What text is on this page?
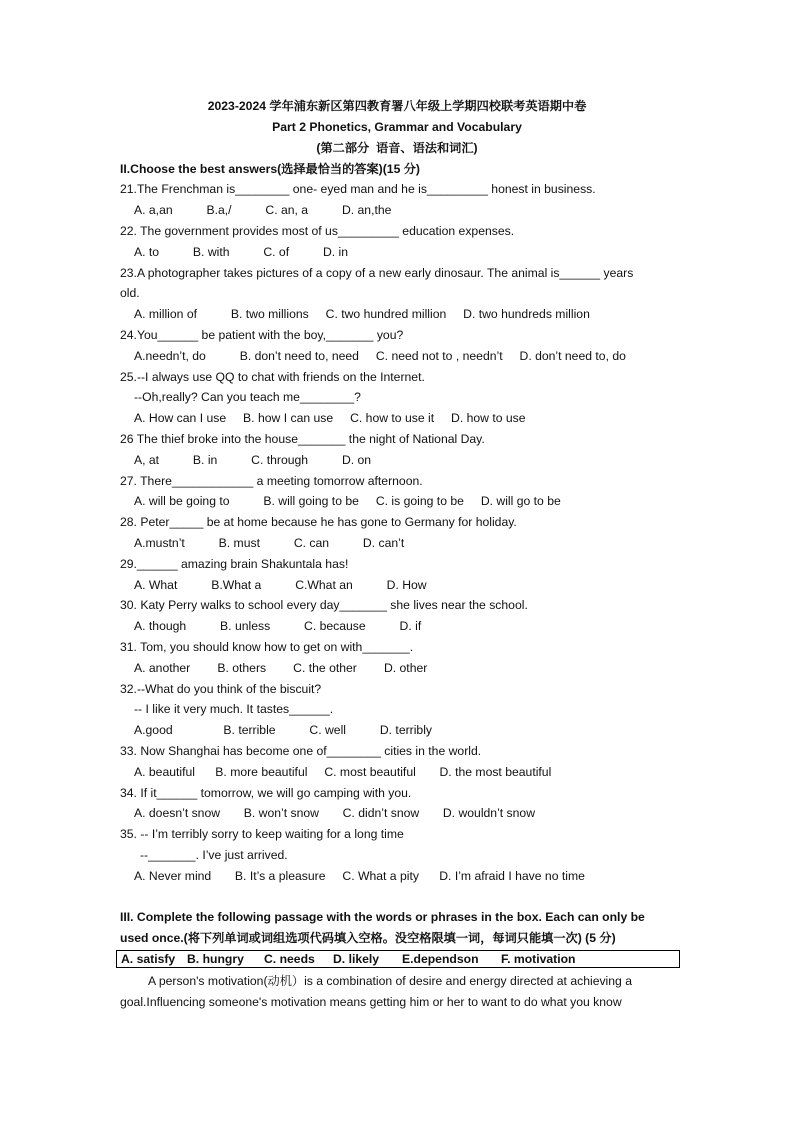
2023-2024 学年浦东新区第四教育署八年级上学期四校联考英语期中卷
Part 2 Phonetics, Grammar and Vocabulary
(第二部分  语音、语法和词汇)
II.Choose the best answers(选择最恰当的答案)(15 分)
21.The Frenchman is________ one- eyed man and he is_________ honest in business.
A. a,an          B.a,/          C. an, a          D. an,the
22. The government provides most of us_________ education expenses.
A. to          B. with          C. of          D. in
23.A photographer takes pictures of a copy of a new early dinosaur. The animal is______ years
old.
A. million of          B. two millions     C. two hundred million     D. two hundreds million
24.You______ be patient with the boy,_______ you?
A.needn’t, do          B. don’t need to, need     C. need not to , needn’t     D. don’t need to, do
25.--I always use QQ to chat with friends on the Internet.
--Oh,really? Can you teach me________?
A. How can I use     B. how I can use     C. how to use it     D. how to use
26 The thief broke into the house_______ the night of National Day.
A, at          B. in          C. through          D. on
27. There____________ a meeting tomorrow afternoon.
A. will be going to          B. will going to be     C. is going to be     D. will go to be
28. Peter_____ be at home because he has gone to Germany for holiday.
A.mustn’t          B. must          C. can          D. can’t
29.______ amazing brain Shakuntala has!
A. What          B.What a          C.What an          D. How
30. Katy Perry walks to school every day_______ she lives near the school.
A. though          B. unless          C. because          D. if
31. Tom, you should know how to get on with_______.
A. another        B. others        C. the other        D. other
32.--What do you think of the biscuit?
-- I like it very much. It tastes______.
A.good               B. terrible          C. well          D. terribly
33. Now Shanghai has become one of________ cities in the world.
A. beautiful      B. more beautiful     C. most beautiful       D. the most beautiful
34. If it______ tomorrow, we will go camping with you.
A. doesn’t snow       B. won’t snow       C. didn’t snow       D. wouldn’t snow
35. -- I’m terribly sorry to keep waiting for a long time
--_______. I’ve just arrived.
A. Never mind       B. It’s a pleasure     C. What a pity      D. I’m afraid I have no time
III. Complete the following passage with the words or phrases in the box. Each can only be
used once.(将下列单词或词组选项代码填入空格。没空格限填一词，每词只能填一次) (5 分)
A. satisfy B. hungry C. needs D. likely E.dependson F. motivation
A person's motivation(动机）is a combination of desire and energy directed at achieving a
goal.Influencing someone's motivation means getting him or her to want to do what you know
